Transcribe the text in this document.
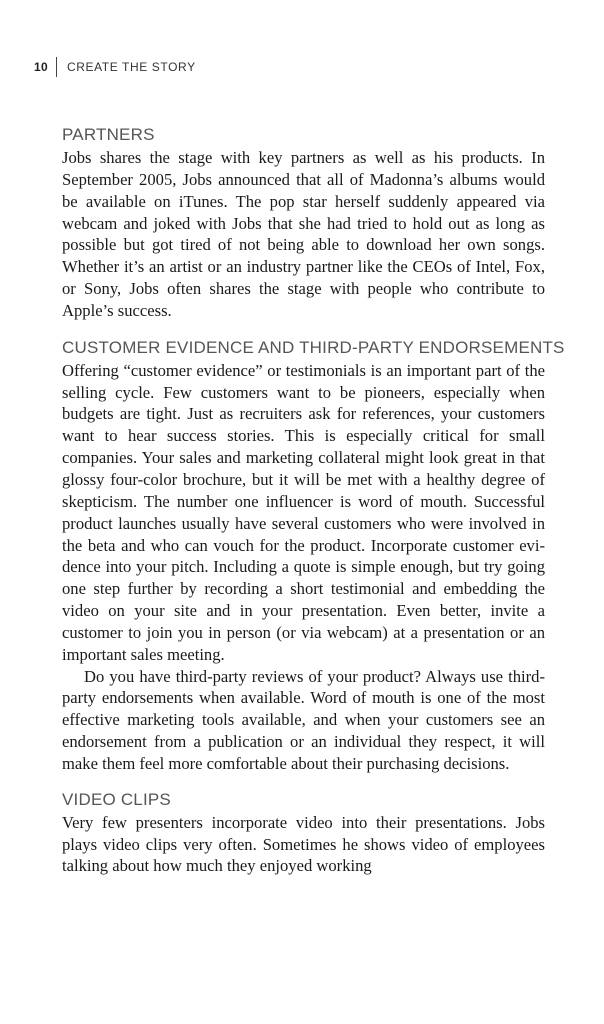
10 CREATE THE STORY
PARTNERS

Jobs shares the stage with key partners as well as his products. In September 2005, Jobs announced that all of Madonna’s albums would be available on iTunes. The pop star herself suddenly appeared via webcam and joked with Jobs that she had tried to hold out as long as possible but got tired of not being able to download her own songs. Whether it’s an artist or an industry partner like the CEOs of Intel, Fox, or Sony, Jobs often shares the stage with people who contribute to Apple’s success.

CUSTOMER EVIDENCE AND THIRD-PARTY ENDORSEMENTS

Offering “customer evidence” or testimonials is an important part of the selling cycle. Few customers want to be pioneers, especially when budgets are tight. Just as recruiters ask for references, your customers want to hear success stories. This is especially critical for small companies. Your sales and marketing collateral might look great in that glossy four-color brochure, but it will be met with a healthy degree of skepticism. The number one influencer is word of mouth. Successful product launches usually have several customers who were involved in the beta and who can vouch for the product. Incorporate customer evidence into your pitch. Including a quote is simple enough, but try going one step further by recording a short testimonial and embedding the video on your site and in your presentation. Even better, invite a customer to join you in person (or via webcam) at a presentation or an important sales meeting.

Do you have third-party reviews of your product? Always use third-party endorsements when available. Word of mouth is one of the most effective marketing tools available, and when your customers see an endorsement from a publication or an individual they respect, it will make them feel more comfortable about their purchasing decisions.

VIDEO CLIPS

Very few presenters incorporate video into their presentations. Jobs plays video clips very often. Sometimes he shows video of employees talking about how much they enjoyed working
